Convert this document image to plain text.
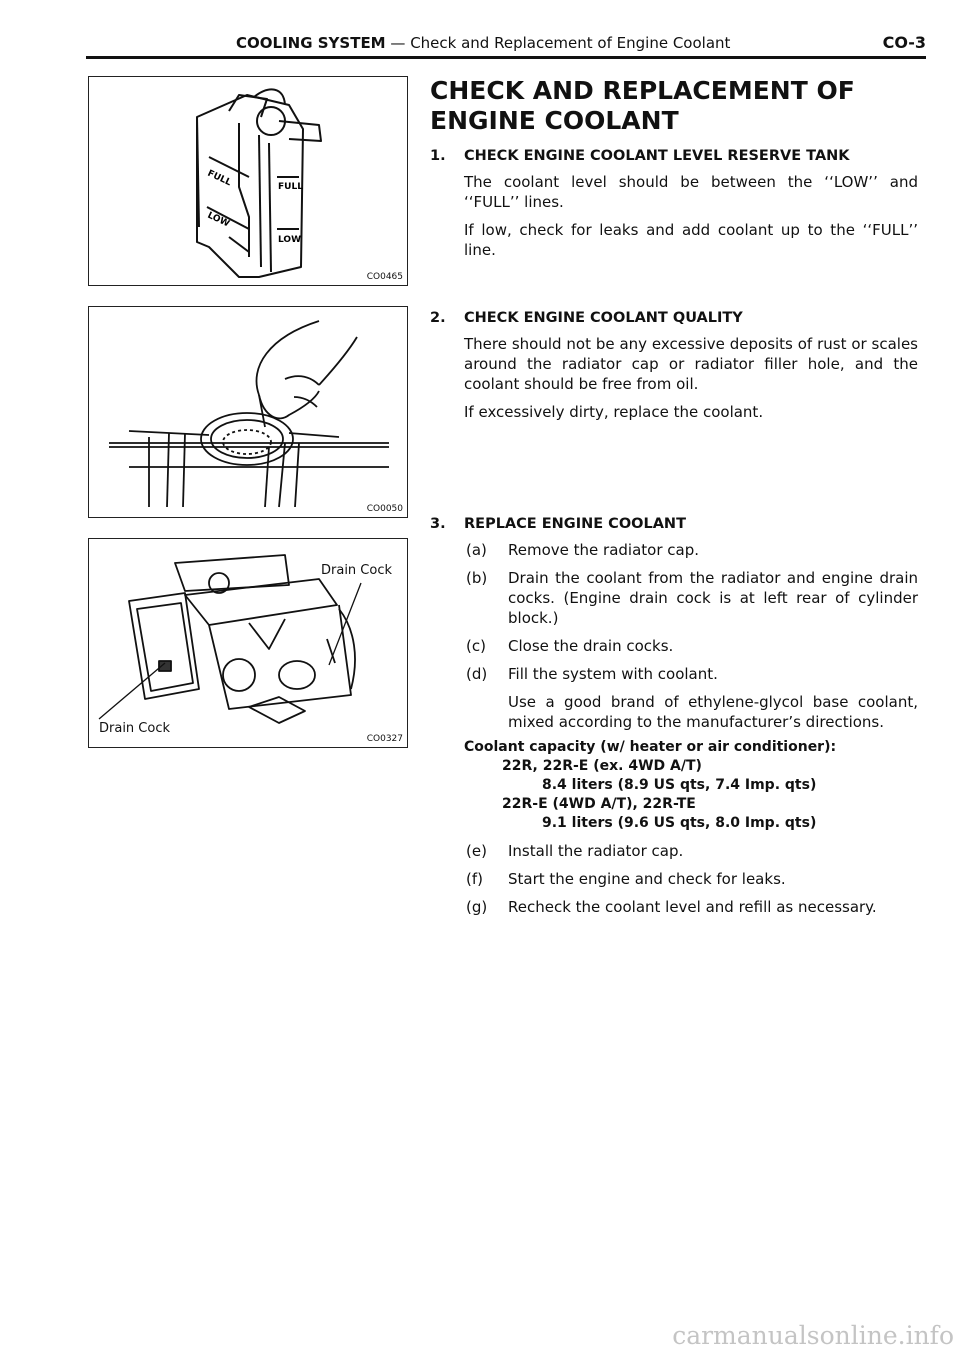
COOLING SYSTEM — Check and Replacement of Engine Coolant	CO-3
FULL
LOW
FULL
LOW
CO0465
CO0050
Drain Cock
Drain Cock
CO0327
CHECK AND REPLACEMENT OF
ENGINE COOLANT
1.	CHECK ENGINE COOLANT LEVEL RESERVE TANK
The coolant level should be between the ‘‘LOW’’ and ‘‘FULL’’ lines.
If low, check for leaks and add coolant up to the ‘‘FULL’’ line.
2.	CHECK ENGINE COOLANT QUALITY
There should not be any excessive deposits of rust or scales around the radiator cap or radiator filler hole, and the coolant should be free from oil.
If excessively dirty, replace the coolant.
3.	REPLACE ENGINE COOLANT
(a)	Remove the radiator cap.
(b)	Drain the coolant from the radiator and engine drain cocks. (Engine drain cock is at left rear of cylinder block.)
(c)	Close the drain cocks.
(d)	Fill the system with coolant.
Use a good brand of ethylene-glycol base coolant, mixed according to the manufacturer’s directions.
Coolant capacity (w/ heater or air conditioner):
22R, 22R-E (ex. 4WD A/T)
8.4 liters (8.9 US qts, 7.4 Imp. qts)
22R-E (4WD A/T), 22R-TE
9.1 liters (9.6 US qts, 8.0 Imp. qts)
(e)	Install the radiator cap.
(f)	Start the engine and check for leaks.
(g)	Recheck the coolant level and refill as necessary.
carmanualsonline.info
